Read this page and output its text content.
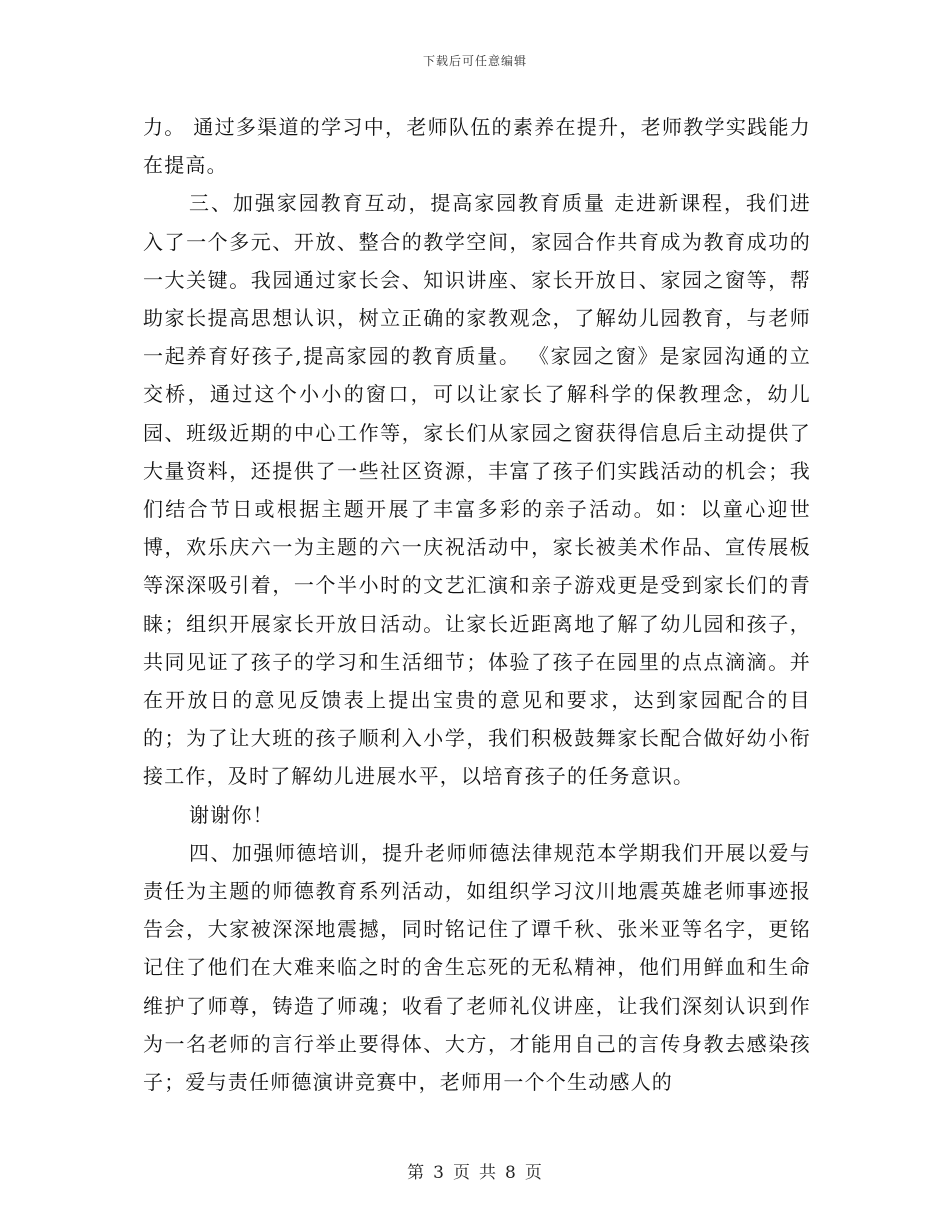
下载后可任意编辑

力。 通过多渠道的学习中，老师队伍的素养在提升，老师教学实践能力在提高。

三、加强家园教育互动，提高家园教育质量 走进新课程，我们进入了一个多元、开放、整合的教学空间，家园合作共育成为教育成功的一大关键。我园通过家长会、知识讲座、家长开放日、家园之窗等，帮助家长提高思想认识，树立正确的家教观念，了解幼儿园教育，与老师一起养育好孩子,提高家园的教育质量。 《家园之窗》是家园沟通的立交桥，通过这个小小的窗口，可以让家长了解科学的保教理念，幼儿园、班级近期的中心工作等，家长们从家园之窗获得信息后主动提供了大量资料，还提供了一些社区资源，丰富了孩子们实践活动的机会；我们结合节日或根据主题开展了丰富多彩的亲子活动。如：以童心迎世博，欢乐庆六一为主题的六一庆祝活动中，家长被美术作品、宣传展板等深深吸引着，一个半小时的文艺汇演和亲子游戏更是受到家长们的青睐；组织开展家长开放日活动。让家长近距离地了解了幼儿园和孩子，共同见证了孩子的学习和生活细节；体验了孩子在园里的点点滴滴。并在开放日的意见反馈表上提出宝贵的意见和要求，达到家园配合的目的；为了让大班的孩子顺利入小学，我们积极鼓舞家长配合做好幼小衔接工作，及时了解幼儿进展水平，以培育孩子的任务意识。

谢谢你！

四、加强师德培训，提升老师师德法律规范本学期我们开展以爱与责任为主题的师德教育系列活动，如组织学习汶川地震英雄老师事迹报告会，大家被深深地震撼，同时铭记住了谭千秋、张米亚等名字，更铭记住了他们在大难来临之时的舍生忘死的无私精神，他们用鲜血和生命维护了师尊，铸造了师魂；收看了老师礼仪讲座，让我们深刻认识到作为一名老师的言行举止要得体、大方，才能用自己的言传身教去感染孩子；爱与责任师德演讲竞赛中，老师用一个个生动感人的

第 3 页 共 8 页
